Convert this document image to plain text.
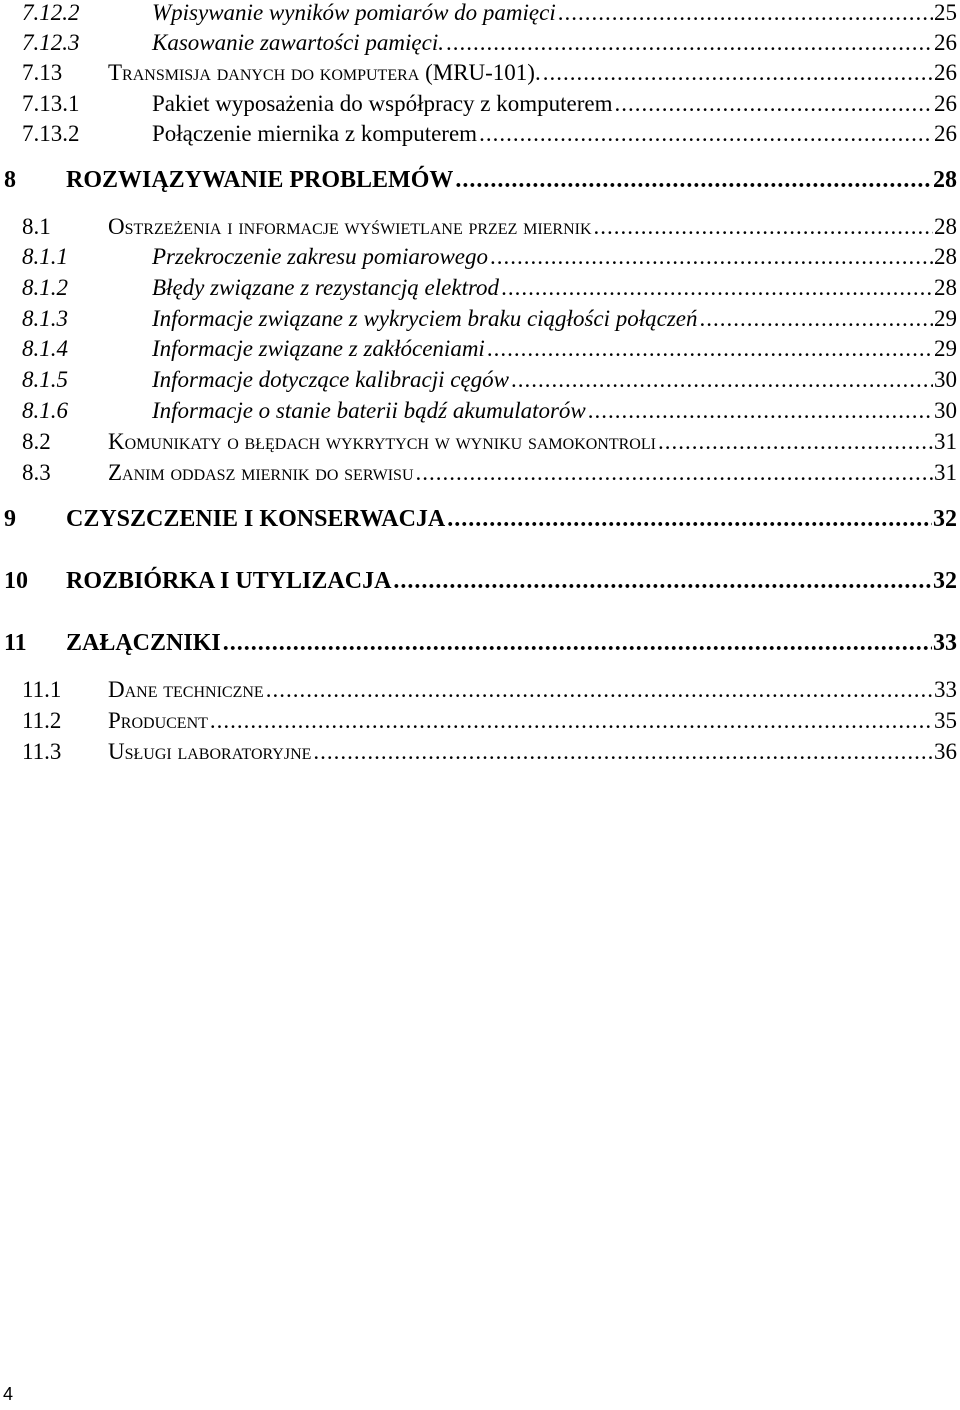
7.12.2	Wpisywanie wyników pomiarów do pamięci .....	25
7.12.3	Kasowanie zawartości pamięci. .....	26
7.13	Transmisja danych do komputera (MRU-101). .....	26
7.13.1	Pakiet wyposażenia do współpracy z komputerem .....	26
7.13.2	Połączenie miernika z komputerem .....	26
8	ROZWIĄZYWANIE PROBLEMÓW .....	28
8.1	Ostrzeżenia i informacje wyświetlane przez miernik .....	28
8.1.1	Przekroczenie zakresu pomiarowego .....	28
8.1.2	Błędy związane z rezystancją elektrod .....	28
8.1.3	Informacje związane z wykryciem braku ciągłości połączeń .....	29
8.1.4	Informacje związane z zakłóceniami .....	29
8.1.5	Informacje dotyczące kalibracji cęgów .....	30
8.1.6	Informacje o stanie baterii bądź akumulatorów .....	30
8.2	Komunikaty o błędach wykrytych w wyniku samokontroli .....	31
8.3	Zanim oddasz miernik do serwisu .....	31
9	CZYSZCZENIE I KONSERWACJA .....	32
10	ROZBIÓRKA I UTYLIZACJA .....	32
11	ZAŁĄCZNIKI .....	33
11.1	Dane techniczne .....	33
11.2	Producent .....	35
11.3	Usługi laboratoryjne .....	36
4
